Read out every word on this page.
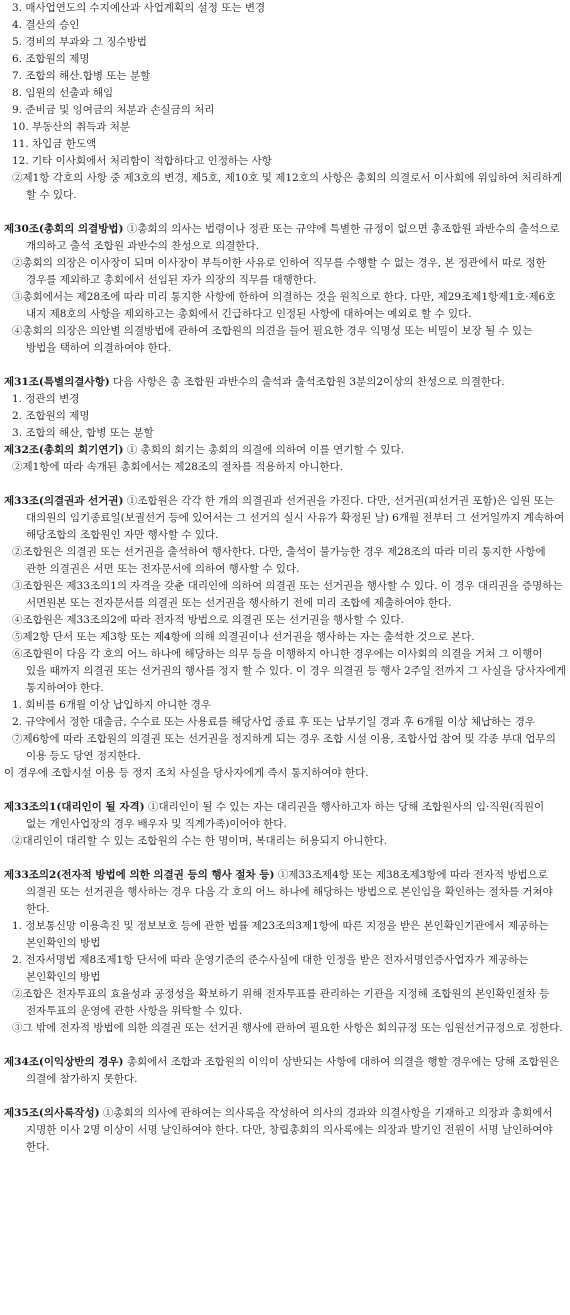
3. 매사업연도의 수지예산과 사업계획의 설정 또는 변경

4. 결산의 승인

5. 경비의 부과와 그 징수방법

6. 조합원의 제명

7. 조합의 해산.합병 또는 분할

8. 임원의 선출과 해임

9. 준비금 및 잉여금의 처분과 손실금의 처리

10. 부동산의 취득과 처분

11. 차입금 한도액

12. 기타 이사회에서 처리함이 적합하다고 인정하는 사항

②제1항 각호의 사항 중 제3호의 변경, 제5호, 제10호 및 제12호의 사항은 총회의 의결로서 이사회에 위임하여 처리하게 할 수 있다.

제30조(총회의 의결방법) ①총회의 의사는 법령이나 정관 또는 규약에 특별한 규정이 없으면 총조합원 과반수의 출석으로 개의하고 출석 조합원 과반수의 찬성으로 의결한다.

②총회의 의장은 이사장이 되며 이사장이 부득이한 사유로 인하여 직무를 수행할 수 없는 경우, 본 정관에서 따로 정한 경우를 제외하고 총회에서 선임된 자가 의장의 직무를 대행한다.

③총회에서는 제28조에 따라 미리 통지한 사항에 한하여 의결하는 것을 원칙으로 한다. 다만, 제29조제1항제1호·제6호 내지 제8호의 사항을 제외하고는 총회에서 긴급하다고 인정된 사항에 대하여는 예외로 할 수 있다.

④총회의 의장은 의안별 의결방법에 관하여 조합원의 의견을 들어 필요한 경우 익명성 또는 비밀이 보장 될 수 있는 방법을 택하여 의결하여야 한다.

제31조(특별의결사항) 다음 사항은 총 조합원 과반수의 출석과 출석조합원 3분의2이상의 찬성으로 의결한다.

1. 정관의 변경

2. 조합원의 제명

3. 조합의 해산, 합병 또는 분할

제32조(총회의 회기연기) ① 총회의 회기는 총회의 의결에 의하여 이를 연기할 수 있다.

②제1항에 따라 속개된 총회에서는 제28조의 절차를 적용하지 아니한다.

제33조(의결권과 선거권) ①조합원은 각각 한 개의 의결권과 선거권을 가진다. 다만, 선거권(피선거권 포함)은 임원 또는 대의원의 임기종료일(보궐선거 등에 있어서는 그 선거의 실시 사유가 확정된 날) 6개월 전부터 그 선거일까지 계속하여 해당조합의 조합원인 자만 행사할 수 있다.

②조합원은 의결권 또는 선거권을 출석하여 행사한다. 다만, 출석이 불가능한 경우 제28조의 따라 미리 통지한 사항에 관한 의결권은 서면 또는 전자문서에 의하여 행사할 수 있다.

③조합원은 제33조의1의 자격을 갖춘 대리인에 의하여 의결권 또는 선거권을 행사할 수 있다. 이 경우 대리권을 증명하는 서면원본 또는 전자문서를 의결권 또는 선거권을 행사하기 전에 미리 조합에 제출하여야 한다.

④조합원은 제33조의2에 따라 전자적 방법으로 의결권 또는 선거권을 행사할 수 있다.

⑤제2항 단서 또는 제3항 또는 제4항에 의해 의결권이나 선거권을 행사하는 자는 출석한 것으로 본다.

⑥조합원이 다음 각 호의 어느 하나에 해당하는 의무 등을 이행하지 아니한 경우에는 이사회의 의결을 거쳐 그 이행이 있을 때까지 의결권 또는 선거권의 행사를 정지 할 수 있다. 이 경우 의결권 등 행사 2주일 전까지 그 사실을 당사자에게 통지하여야 한다.

1. 회비를 6개월 이상 납입하지 아니한 경우

2. 규약에서 정한 대출금, 수수료 또는 사용료를 해당사업 종료 후 또는 납부기일 경과 후 6개월 이상 체납하는 경우

⑦제6항에 따라 조합원의 의결권 또는 선거권을 정지하게 되는 경우 조합 시설 이용, 조합사업 참여 및 각종 부대 업무의 이용 등도 당연 정지한다.

이 경우에 조합시설 이용 등 정지 조치 사실을 당사자에게 즉시 통지하여야 한다.

제33조의1(대리인이 될 자격) ①대리인이 될 수 있는 자는 대리권을 행사하고자 하는 당해 조합원사의 임·직원(직원이 없는 개인사업장의 경우 배우자 및 직계가족)이어야 한다.

②대리인이 대리할 수 있는 조합원의 수는 한 명이며, 복대리는 허용되지 아니한다.

제33조의2(전자적 방법에 의한 의결권 등의 행사 절차 등) ①제33조제4항 또는 제38조제3항에 따라 전자적 방법으로 의결권 또는 선거권을 행사하는 경우 다음 각 호의 어느 하나에 해당하는 방법으로 본인임을 확인하는 절차를 거쳐야 한다.

1. 정보통신망 이용촉진 및 정보보호 등에 관한 법률 제23조의3제1항에 따른 지정을 받은 본인확인기관에서 제공하는 본인확인의 방법

2. 전자서명법 제8조제1항 단서에 따라 운영기준의 준수사실에 대한 인정을 받은 전자서명인증사업자가 제공하는 본인확인의 방법

②조합은 전자투표의 효율성과 공정성을 확보하기 위해 전자투표를 관리하는 기관을 지정해 조합원의 본인확인절차 등 전자투표의 운영에 관한 사항을 위탁할 수 있다.

③그 밖에 전자적 방법에 의한 의결권 또는 선거권 행사에 관하여 필요한 사항은 회의규정 또는 임원선거규정으로 정한다.

제34조(이익상반의 경우) 총회에서 조합과 조합원의 이익이 상반되는 사항에 대하여 의결을 행할 경우에는 당해 조합원은 의결에 참가하지 못한다.

제35조(의사록작성) ①총회의 의사에 관하여는 의사록을 작성하여 의사의 경과와 의결사항을 기재하고 의장과 총회에서 지명한 이사 2명 이상이 서명 날인하여야 한다. 다만, 창립총회의 의사록에는 의장과 발기인 전원이 서명 날인하여야 한다.
